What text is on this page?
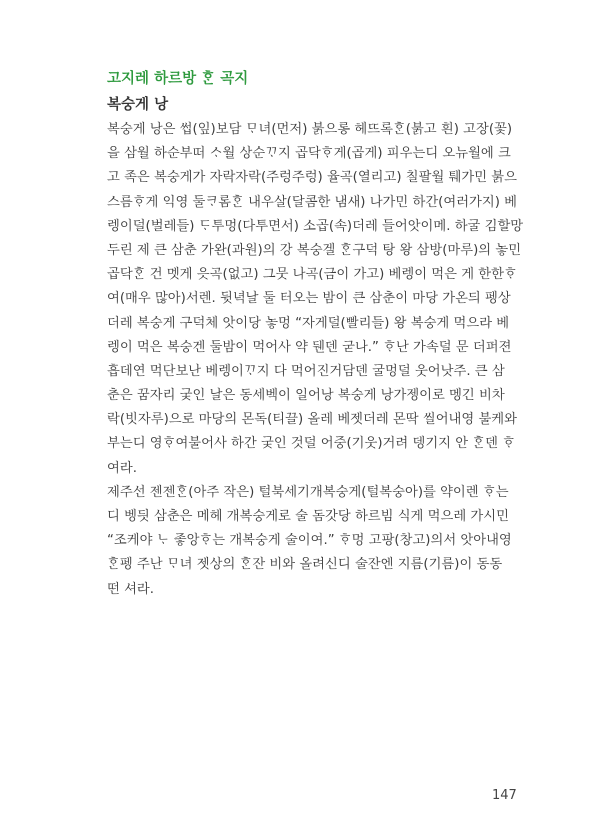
고지레 하르방 ᄒᆞᆫ 곡지
복숭게 낭
복숭게 낭은 썹(잎)보담 ᄆᆞ녀(먼저) 붉으롱 헤뜨록ᄒᆞᆫ(붉고 흰) 고장(꽃)
을 삼월 하순부떠 ᄉᆞ월 상순ᄁᆞ지 곱닥ᄒᆞ게(곱게) 피우는디 오뉴월에 크
고 족은 복숭게가 자락자락(주렁주렁) 율곡(열리고) 칠팔월 퉤가민 붉으
스름ᄒᆞ게 익영 둘ᄏᆞ롬ᄒᆞᆫ 내우살(달콤한 냄새) 나가민 하간(여러가지) 베
렝이덜(벌레들) ᄃᆞ투멍(다투면서) 소곱(속)더레 들어앗이메. 하굴 김할망
두린 제 큰 삼춘 가완(과원)의 강 복숭겔 ᄒᆞᆫ구덕 탕 왕 삼방(마루)의 놓민
곱닥ᄒᆞᆫ 건 멧게 읏곡(없고) 그뭇 나곡(금이 가고) 베렝이 먹은 게 한한ᄒᆞ
여(매우 많아)서렌. 뒷녁날 둘 터오는 밤이 큰 삼춘이 마당 가온듸 펭상
더레 복숭게 구덕체 앗이당 놓멍 “자게덜(빨리들) 왕 복숭게 먹으라 베
렝이 먹은 복숭겐 둘밤이 먹어사 약 뒌덴 굳나.” ᄒᆞ난 가속덜 문 더퍼젼
흡데연 먹단보난 베렝이ᄁᆞ지 다 먹어진거담덴 굴멍덜 웃어낫주. 큰 삼
춘은 꿈자리 궂인 날은 동세벡이 일어낭 복숭게 낭가젱이로 멩긴 비차
락(빗자루)으로 마당의 몬독(티끌) 올레 베젯더레 몬딱 씰어내영 불케와
부는디 영ᄒᆞ여불어사 하간 궂인 것덜 어중(기웃)거려 뎅기지 안 ᄒᆞᆫ덴 ᄒᆞ
여라.
제주선 젠젠ᄒᆞᆫ(아주 작은) 털북세기개복숭게(털복숭아)를 약이렌 ᄒᆞ는
디 벵딋 삼춘은 메헤 개복숭게로 술 돔갓당 하르빔 식게 먹으레 가시민
“조케야 ᄂᆞ 좋앙ᄒᆞ는 개복숭게 술이여.” ᄒᆞ멍 고팡(창고)의서 앗아내영
ᄒᆞᆫ펭 주난 ᄆᆞ녀 젯상의 ᄒᆞᆫ잔 비와 올려신디 술잔엔 지름(기름)이 동동
떤 셔라.
147
